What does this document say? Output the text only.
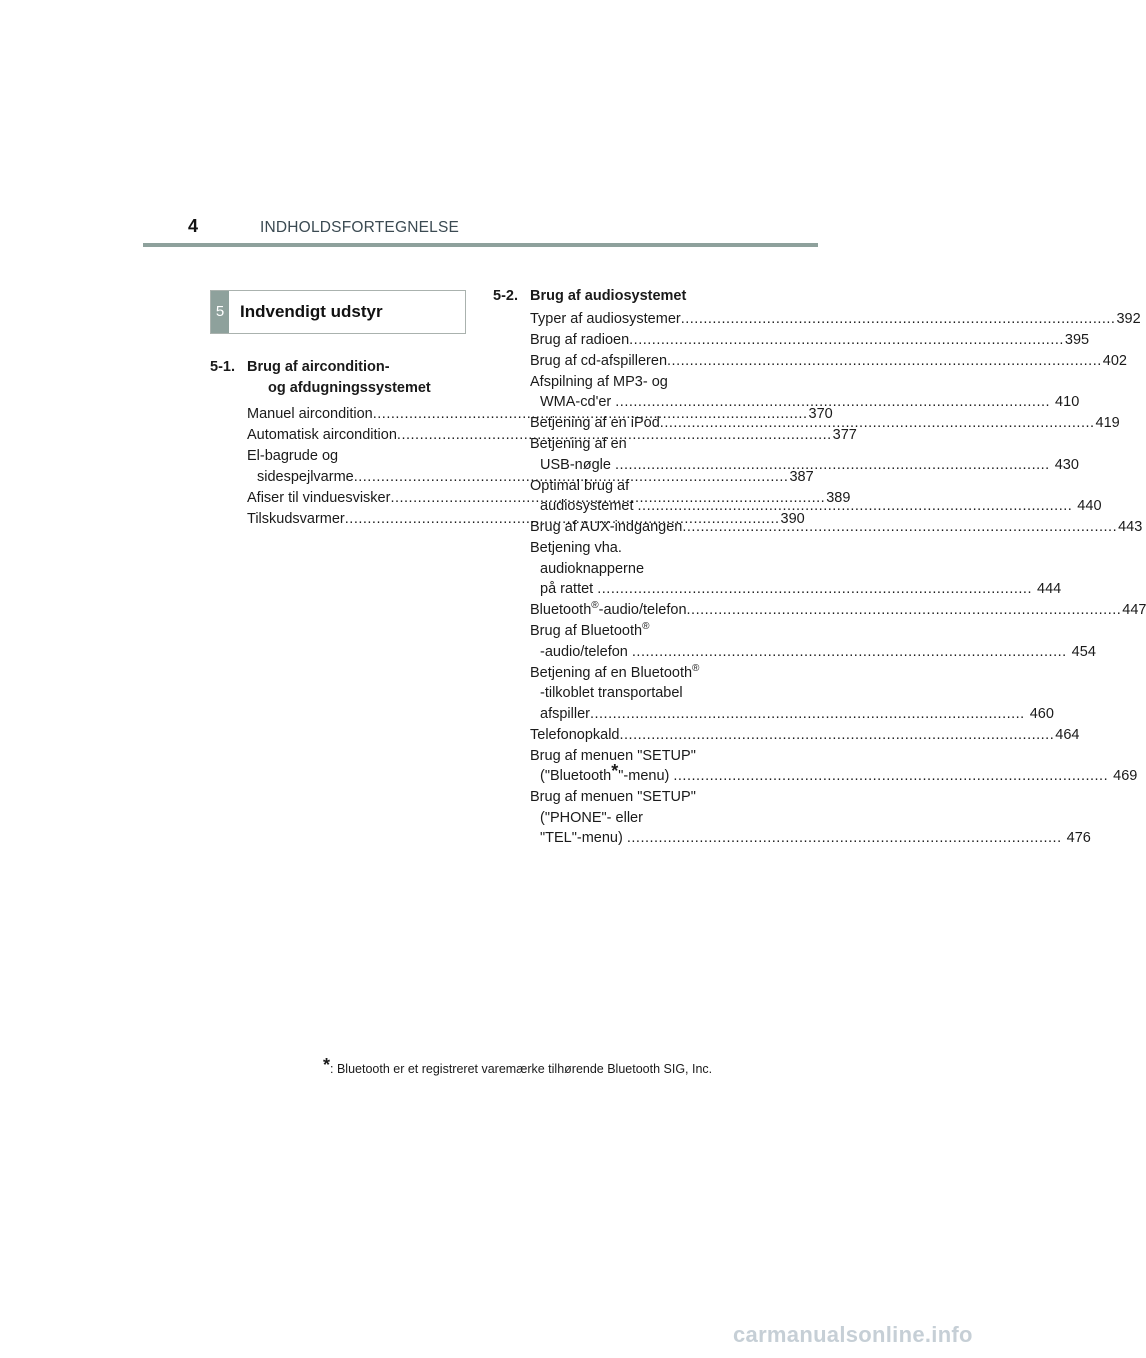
4	INDHOLDSFORTEGNELSE
5 Indvendigt udstyr
5-1. Brug af aircondition-
og afdugningssystemet
Manuel aircondition .....	370
Automatisk aircondition .....	377
El-bagrude og
sidespejlvarme .....	387
Afiser til vinduesvisker .....	389
Tilskudsvarmer .....	390
5-2. Brug af audiosystemet
Typer af audiosystemer .....	392
Brug af radioen .....	395
Brug af cd-afspilleren .....	402
Afspilning af MP3- og
WMA-cd'er .....	410
Betjening af en iPod .....	419
Betjening af en
USB-nøgle .....	430
Optimal brug af
audiosystemet .....	440
Brug af AUX-indgangen .....	443
Betjening vha.
audioknapperne
på rattet .....	444
Bluetooth®-audio/telefon .....	447
Brug af Bluetooth®
-audio/telefon .....	454
Betjening af en Bluetooth®
-tilkoblet transportabel
afspiller .....	460
Telefonopkald .....	464
Brug af menuen "SETUP"
("Bluetooth*"-menu) .....	469
Brug af menuen "SETUP"
("PHONE"- eller
"TEL"-menu) .....	476
*: Bluetooth er et registreret varemærke tilhørende Bluetooth SIG, Inc.
carmanualsonline.info
